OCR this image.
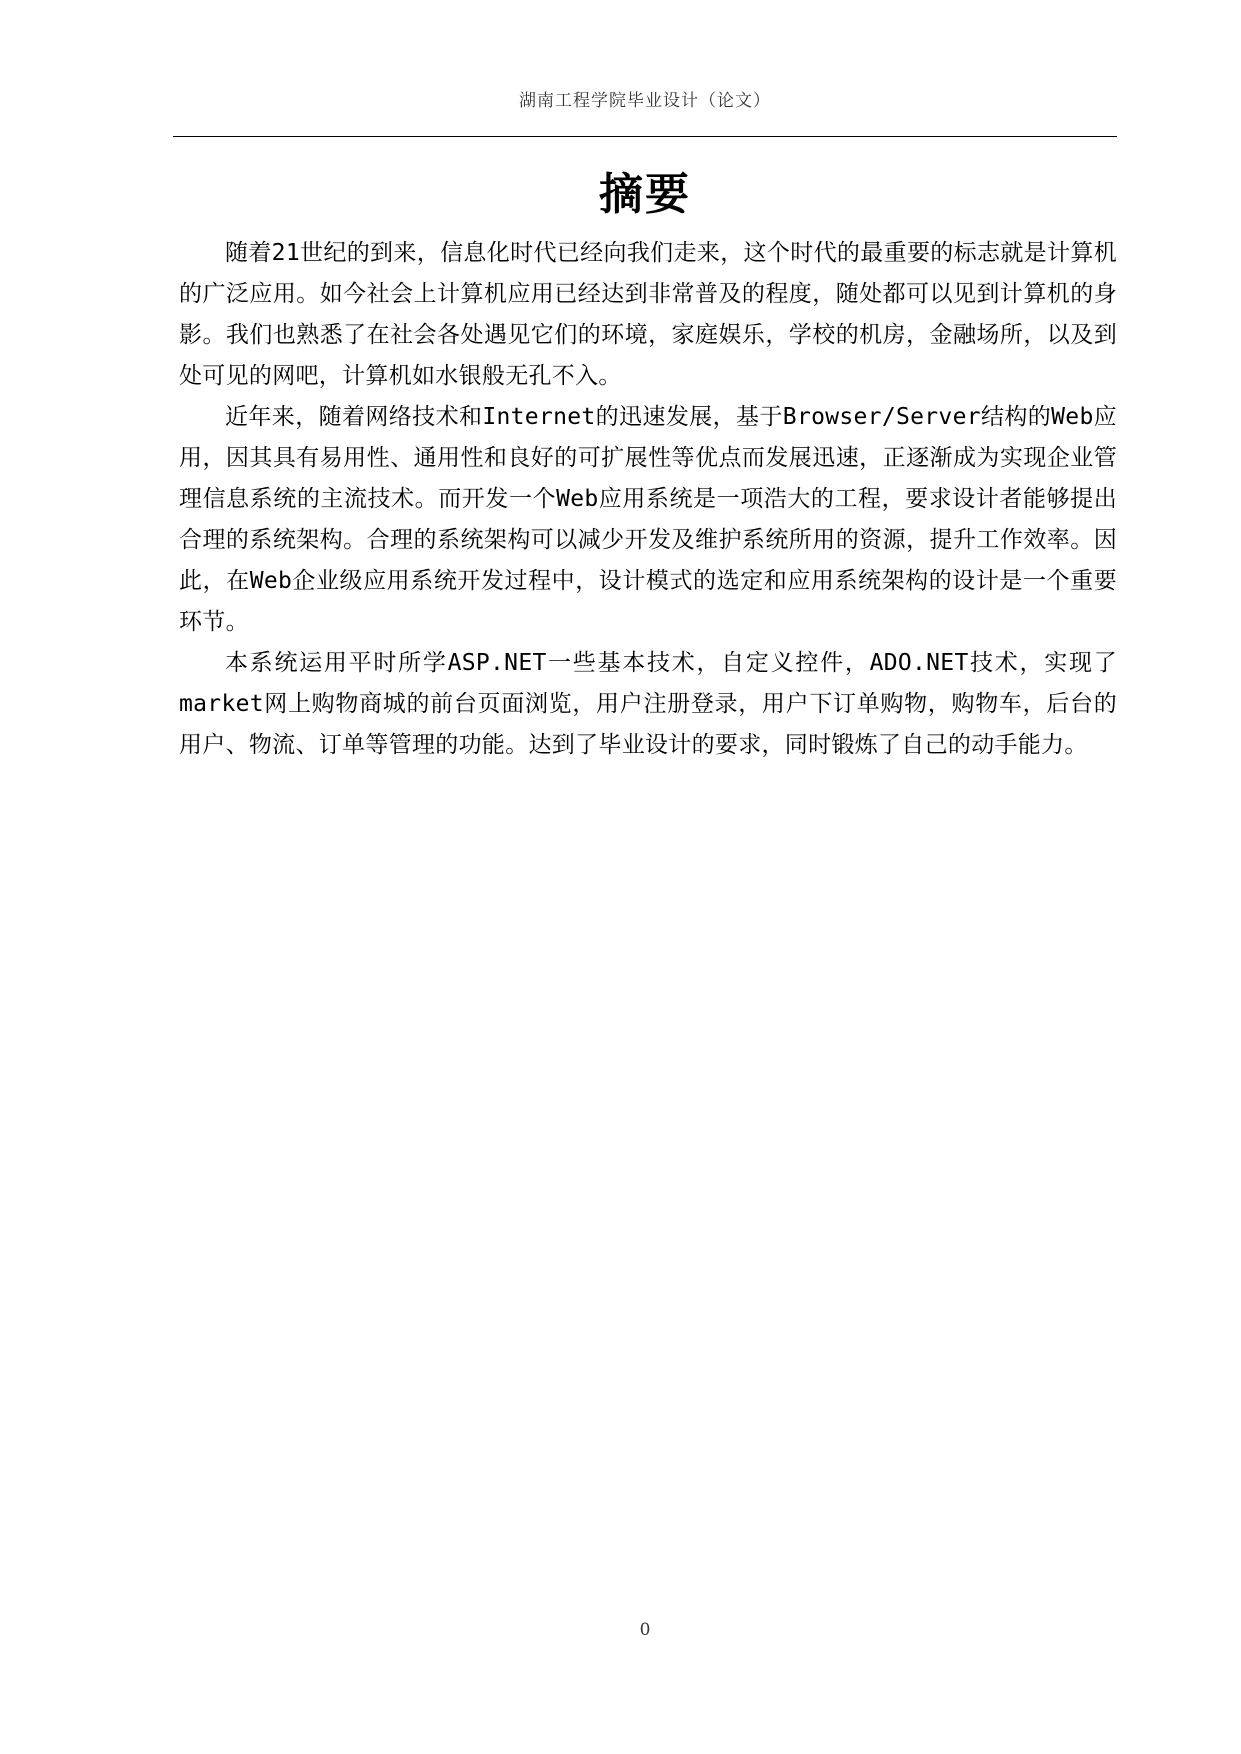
湖南工程学院毕业设计（论文）
摘要

随着21世纪的到来，信息化时代已经向我们走来，这个时代的最重要的标志就是计算机的广泛应用。如今社会上计算机应用已经达到非常普及的程度，随处都可以见到计算机的身影。我们也熟悉了在社会各处遇见它们的环境，家庭娱乐，学校的机房，金融场所，以及到处可见的网吧，计算机如水银般无孔不入。

近年来，随着网络技术和Internet的迅速发展，基于Browser/Server结构的Web应用，因其具有易用性、通用性和良好的可扩展性等优点而发展迅速，正逐渐成为实现企业管理信息系统的主流技术。而开发一个Web应用系统是一项浩大的工程，要求设计者能够提出合理的系统架构。合理的系统架构可以减少开发及维护系统所用的资源，提升工作效率。因此，在Web企业级应用系统开发过程中，设计模式的选定和应用系统架构的设计是一个重要环节。

本系统运用平时所学ASP.NET一些基本技术，自定义控件，ADO.NET技术，实现了market网上购物商城的前台页面浏览，用户注册登录，用户下订单购物，购物车，后台的用户、物流、订单等管理的功能。达到了毕业设计的要求，同时锻炼了自己的动手能力。

0
